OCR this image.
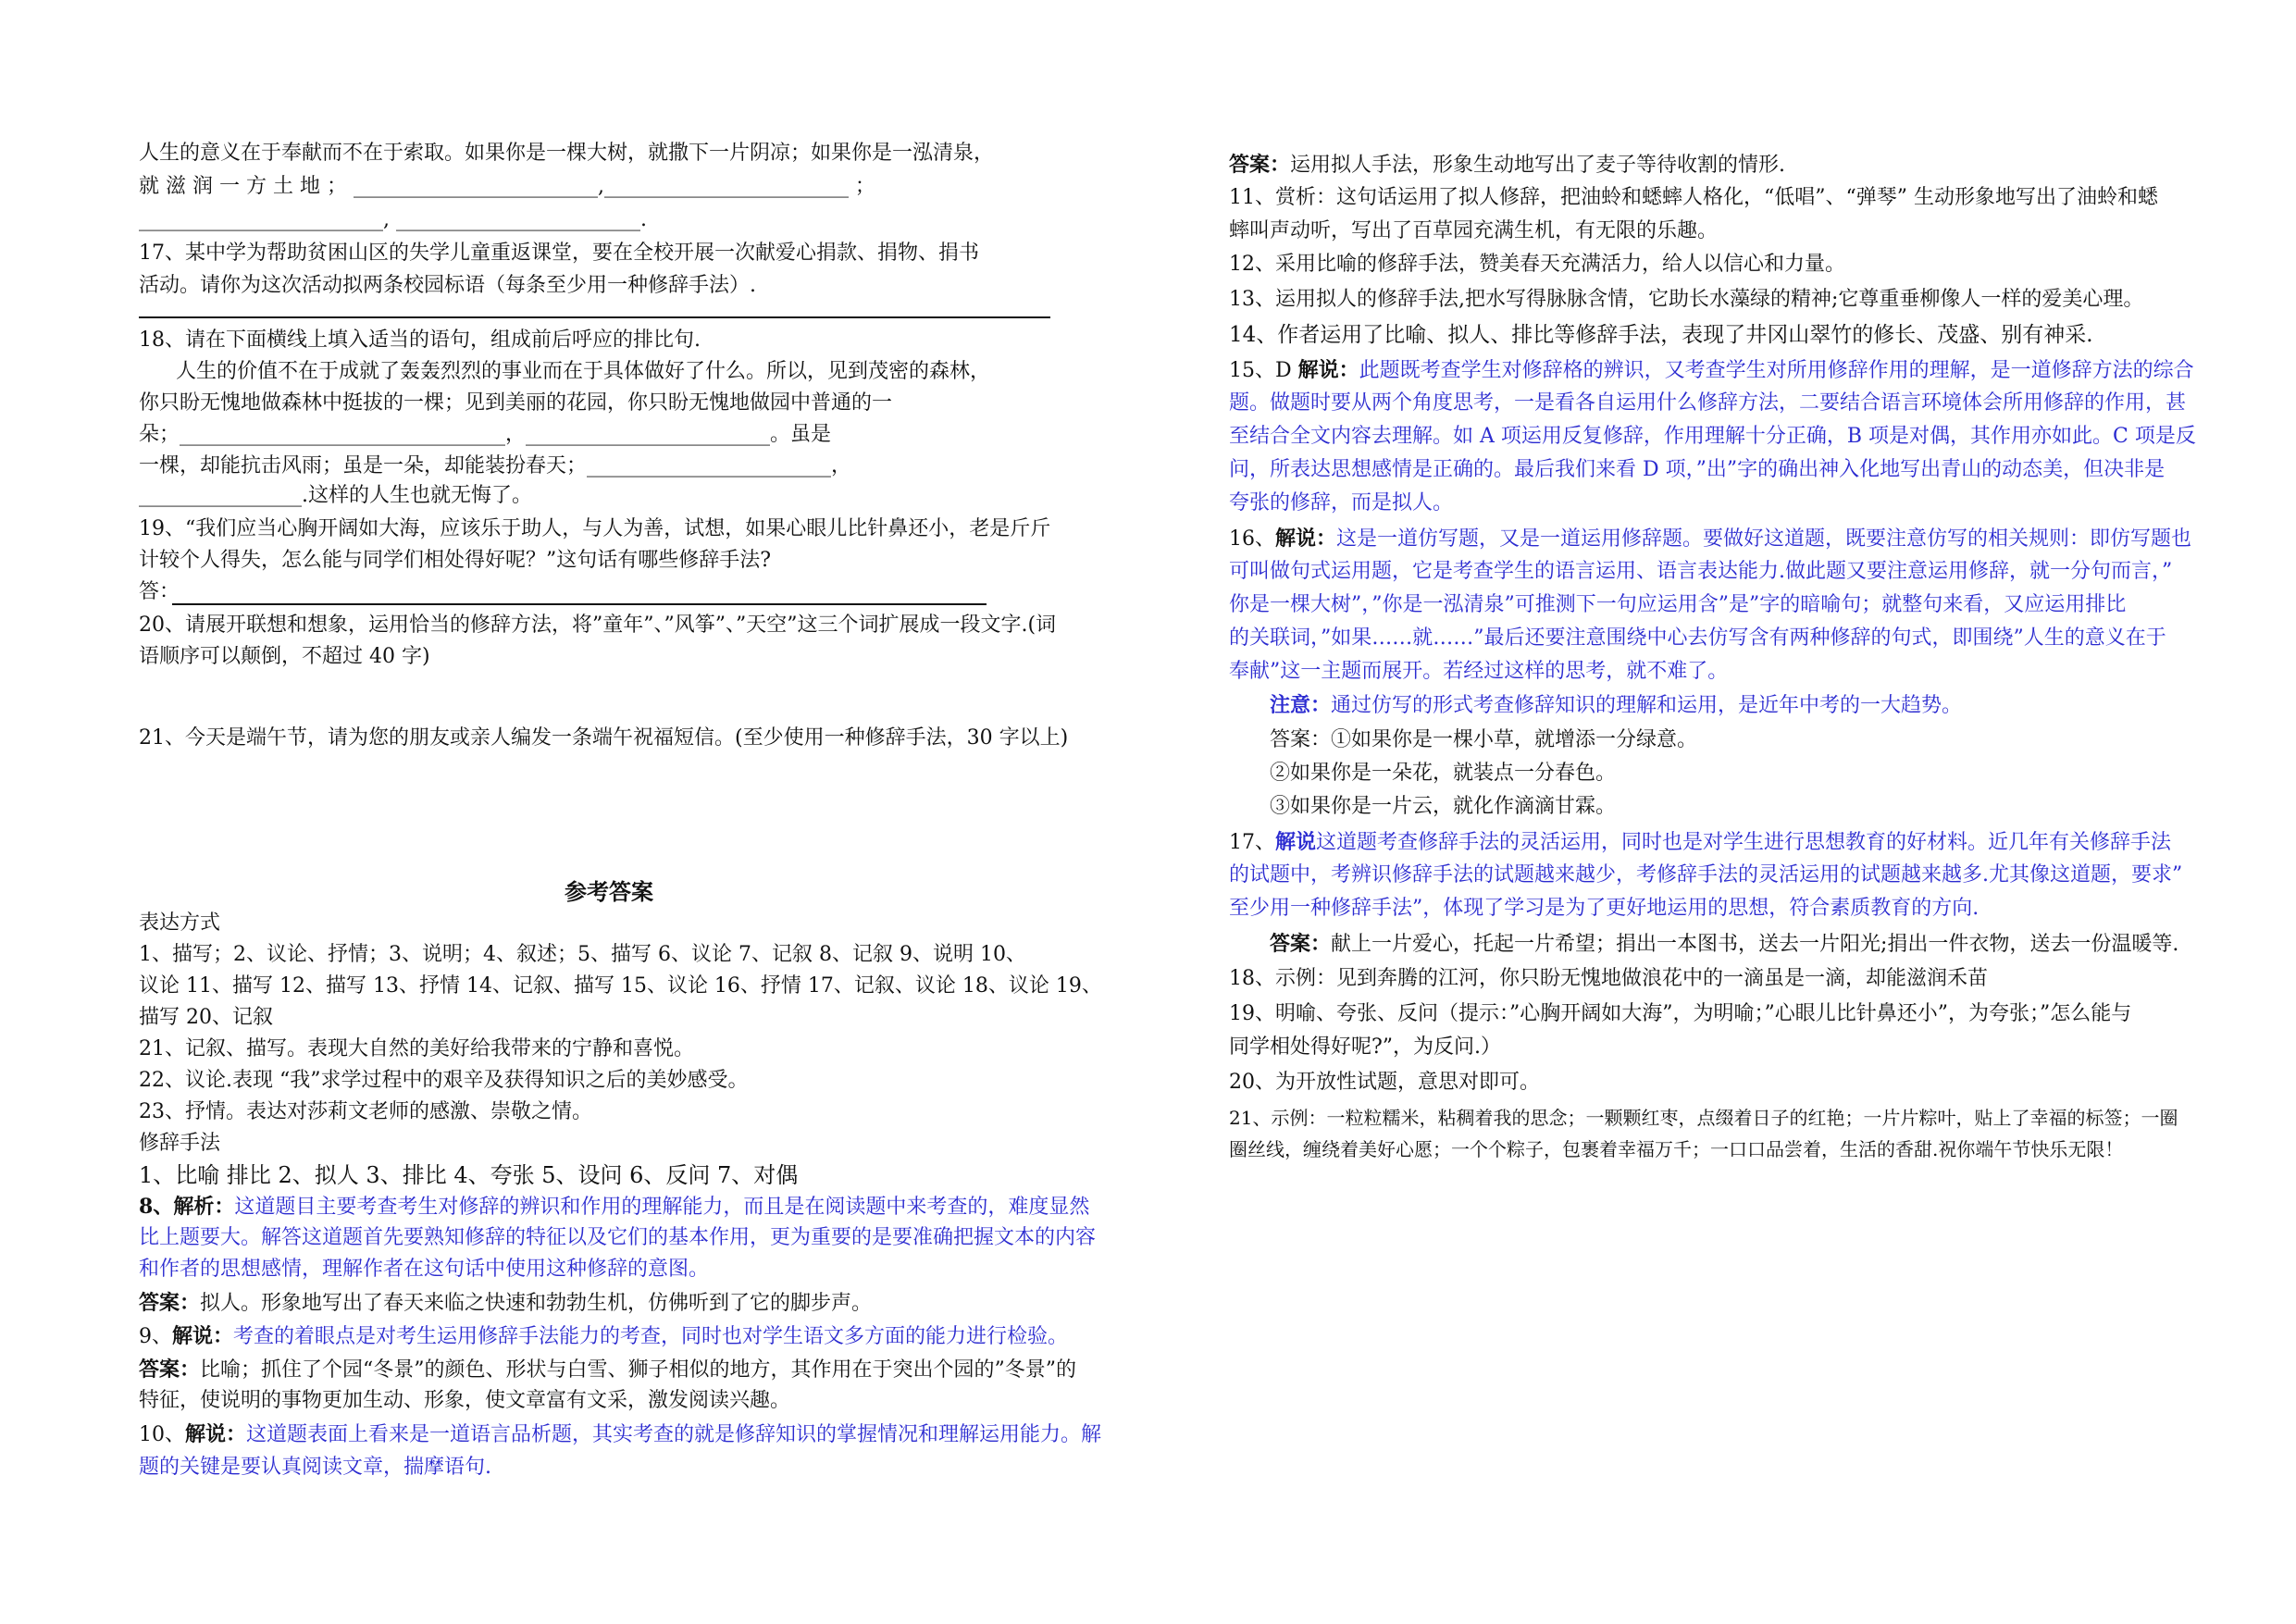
人生的意义在于奉献而不在于索取。如果你是一棵大树，就撒下一片阴凉；如果你是一泓清泉，
就 滋 润 一 方 土 地 ； ________________________,________________________ ；
________________________, ________________________.
17、某中学为帮助贫困山区的失学儿童重返课堂，要在全校开展一次献爱心捐款、捐物、捐书
活动。请你为这次活动拟两条校园标语（每条至少用一种修辞手法）.
18、请在下面横线上填入适当的语句，组成前后呼应的排比句.
人生的价值不在于成就了轰轰烈烈的事业而在于具体做好了什么。所以，见到茂密的森林，
你只盼无愧地做森林中挺拔的一棵；见到美丽的花园，你只盼无愧地做园中普通的一
朵；________________________________，________________________。虽是
一棵，却能抗击风雨；虽是一朵，却能装扮春天；________________________，
________________.这样的人生也就无悔了。
19、“我们应当心胸开阔如大海，应该乐于助人，与人为善，试想，如果心眼儿比针鼻还小，老是斤斤
计较个人得失，怎么能与同学们相处得好呢？”这句话有哪些修辞手法?
答：
20、请展开联想和想象，运用恰当的修辞方法，将”童年”、”风筝”、”天空”这三个词扩展成一段文字.(词
语顺序可以颠倒，不超过 40 字)
21、今天是端午节，请为您的朋友或亲人编发一条端午祝福短信。(至少使用一种修辞手法，30 字以上)
参考答案
表达方式
1、描写；2、议论、抒情；3、说明；4、叙述；5、描写 6、议论 7、记叙 8、记叙 9、说明 10、
议论 11、描写 12、描写 13、抒情 14、记叙、描写 15、议论 16、抒情 17、记叙、议论 18、议论 19、
描写 20、记叙
21、记叙、描写。表现大自然的美好给我带来的宁静和喜悦。
22、议论.表现 “我”求学过程中的艰辛及获得知识之后的美妙感受。
23、抒情。表达对莎莉文老师的感激、崇敬之情。
修辞手法
1、比喻 排比 2、拟人 3、排比 4、夸张 5、设问 6、反问 7、对偶
8、解析：这道题目主要考查考生对修辞的辨识和作用的理解能力，而且是在阅读题中来考查的，难度显然
比上题要大。解答这道题首先要熟知修辞的特征以及它们的基本作用，更为重要的是要准确把握文本的内容
和作者的思想感情，理解作者在这句话中使用这种修辞的意图。
答案：拟人。形象地写出了春天来临之快速和勃勃生机，仿佛听到了它的脚步声。
9、解说：考查的着眼点是对考生运用修辞手法能力的考查，同时也对学生语文多方面的能力进行检验。
答案：比喻；抓住了个园“冬景”的颜色、形状与白雪、狮子相似的地方，其作用在于突出个园的”冬景”的
特征，使说明的事物更加生动、形象，使文章富有文采，激发阅读兴趣。
10、解说：这道题表面上看来是一道语言品析题，其实考查的就是修辞知识的掌握情况和理解运用能力。解
题的关键是要认真阅读文章，揣摩语句.
答案：运用拟人手法，形象生动地写出了麦子等待收割的情形.
11、赏析：这句话运用了拟人修辞，把油蛉和蟋蟀人格化，“低唱”、“弹琴” 生动形象地写出了油蛉和蟋
蟀叫声动听，写出了百草园充满生机，有无限的乐趣。
12、采用比喻的修辞手法，赞美春天充满活力，给人以信心和力量。
13、运用拟人的修辞手法,把水写得脉脉含情，它助长水藻绿的精神;它尊重垂柳像人一样的爱美心理。
14、作者运用了比喻、拟人、排比等修辞手法，表现了井冈山翠竹的修长、茂盛、别有神采.
15、D 解说：此题既考查学生对修辞格的辨识，又考查学生对所用修辞作用的理解，是一道修辞方法的综合
题。做题时要从两个角度思考，一是看各自运用什么修辞方法，二要结合语言环境体会所用修辞的作用，甚
至结合全文内容去理解。如 A 项运用反复修辞，作用理解十分正确，B 项是对偶，其作用亦如此。C 项是反
问，所表达思想感情是正确的。最后我们来看 D 项，”出”字的确出神入化地写出青山的动态美，但决非是
夸张的修辞，而是拟人。
16、解说：这是一道仿写题，又是一道运用修辞题。要做好这道题，既要注意仿写的相关规则：即仿写题也
可叫做句式运用题，它是考查学生的语言运用、语言表达能力.做此题又要注意运用修辞，就一分句而言，”
你是一棵大树”，”你是一泓清泉”可推测下一句应运用含”是”字的暗喻句；就整句来看，又应运用排比
的关联词，”如果……就……”最后还要注意围绕中心去仿写含有两种修辞的句式，即围绕”人生的意义在于
奉献”这一主题而展开。若经过这样的思考，就不难了。
注意：通过仿写的形式考查修辞知识的理解和运用，是近年中考的一大趋势。
答案：①如果你是一棵小草，就增添一分绿意。
②如果你是一朵花，就装点一分春色。
③如果你是一片云，就化作滴滴甘霖。
17、解说这道题考查修辞手法的灵活运用，同时也是对学生进行思想教育的好材料。近几年有关修辞手法
的试题中，考辨识修辞手法的试题越来越少，考修辞手法的灵活运用的试题越来越多.尤其像这道题，要求”
至少用一种修辞手法”，体现了学习是为了更好地运用的思想，符合素质教育的方向.
答案：献上一片爱心，托起一片希望；捐出一本图书，送去一片阳光;捐出一件衣物，送去一份温暖等.
18、示例：见到奔腾的江河，你只盼无愧地做浪花中的一滴虽是一滴，却能滋润禾苗
19、明喻、夸张、反问（提示：”心胸开阔如大海”，为明喻；”心眼儿比针鼻还小”，为夸张；”怎么能与
同学相处得好呢?”，为反问.）
20、为开放性试题，意思对即可。
21、示例：一粒粒糯米，粘稠着我的思念；一颗颗红枣，点缀着日子的红艳；一片片粽叶，贴上了幸福的标签；一圈
圈丝线，缠绕着美好心愿；一个个粽子，包裹着幸福万千；一口口品尝着，生活的香甜.祝你端午节快乐无限！
